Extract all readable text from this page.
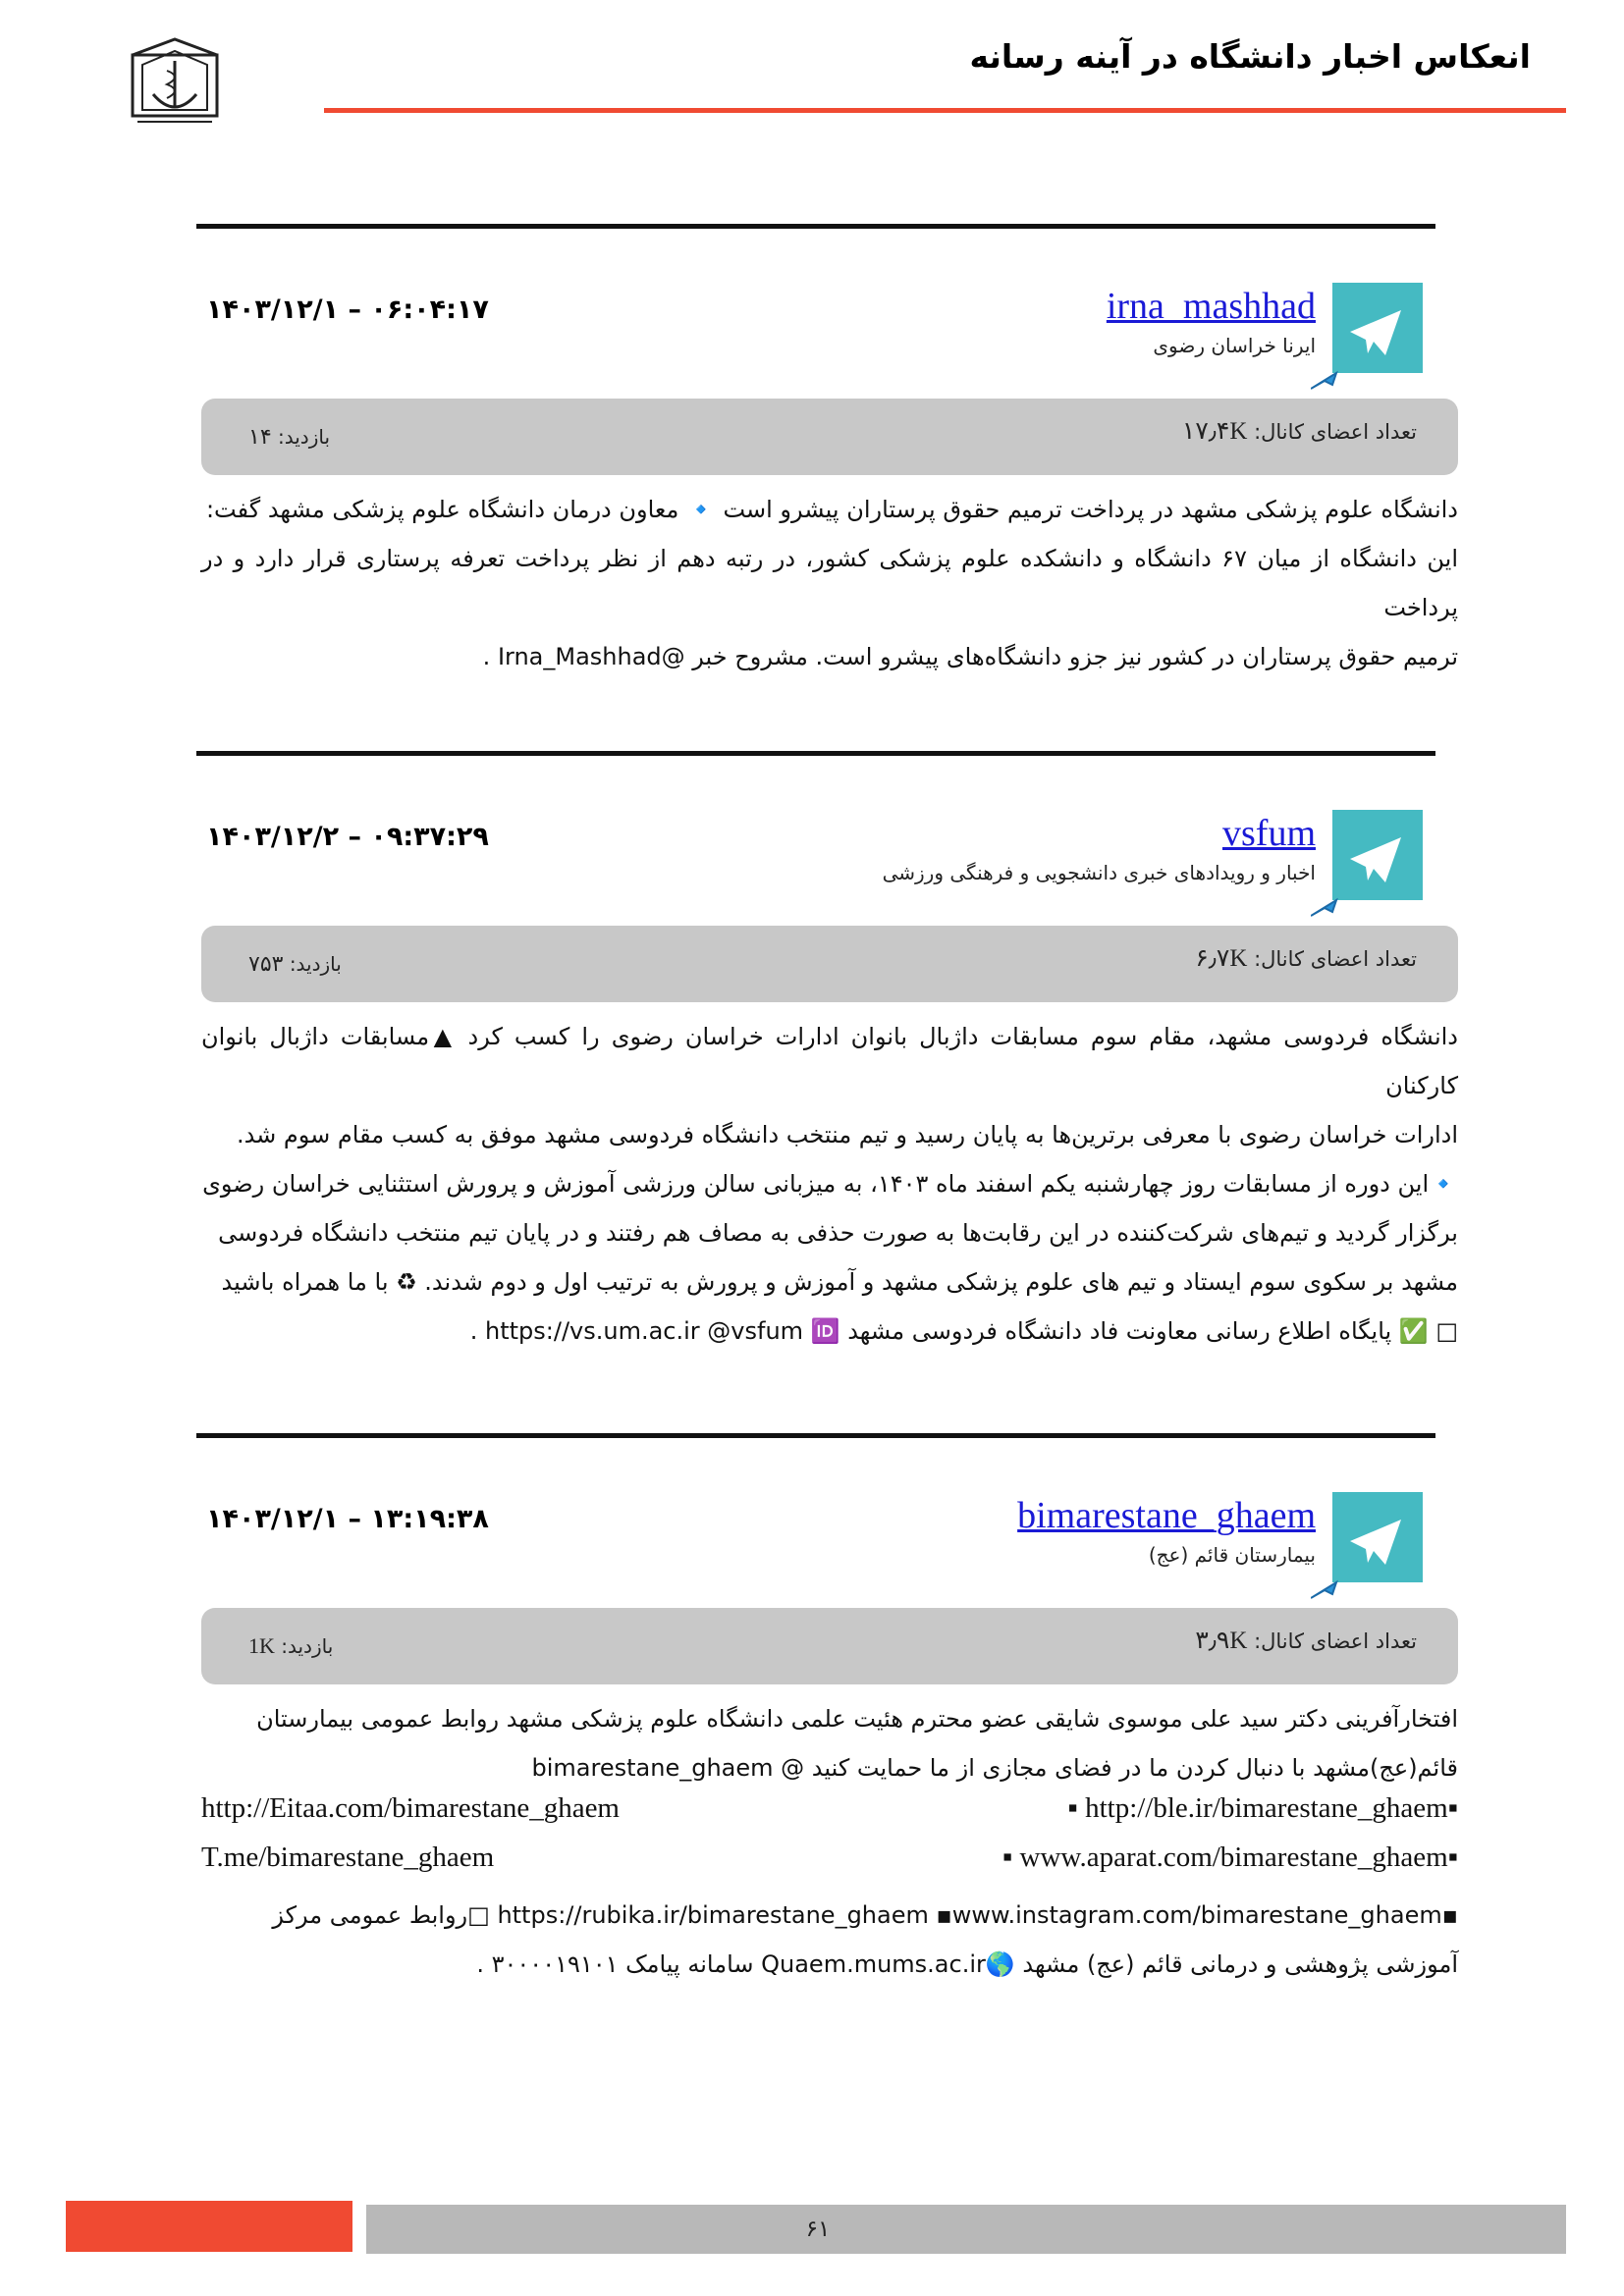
انعکاس اخبار دانشگاه در آینه رسانه
irna_mashhad
ایرنا خراسان رضوی
۰۶:۰۴:۱۷ – ۱۴۰۳/۱۲/۱
تعداد اعضای کانال: ۱۷٫۴K
بازدید: ۱۴

دانشگاه علوم پزشکی مشهد در پرداخت ترمیم حقوق پرستاران پیشرو است 🔹 معاون درمان دانشگاه علوم پزشکی مشهد گفت:

این دانشگاه از میان ۶۷ دانشگاه و دانشکده علوم پزشکی کشور، در رتبه دهم از نظر پرداخت تعرفه پرستاری قرار دارد و در پرداخت

ترمیم حقوق پرستاران در کشور نیز جزو دانشگاه‌های پیشرو است. مشروح خبر @Irna_Mashhad .

vsfum
اخبار و رویدادهای خبری دانشجویی و فرهنگی ورزشی
۰۹:۳۷:۲۹ – ۱۴۰۳/۱۲/۲
تعداد اعضای کانال: ۶٫۷K
بازدید: ۷۵۳

دانشگاه فردوسی مشهد، مقام سوم مسابقات داژبال بانوان ادارات خراسان رضوی را کسب کرد ▲مسابقات داژبال بانوان کارکنان

ادارات خراسان رضوی با معرفی برترین‌ها به پایان رسید و تیم منتخب دانشگاه فردوسی مشهد موفق به کسب مقام سوم شد.

🔹این دوره از مسابقات روز چهارشنبه یکم اسفند ماه ۱۴۰۳، به میزبانی سالن ورزشی آموزش و پرورش استثنایی خراسان رضوی

برگزار گردید و تیم‌های شرکت‌کننده در این رقابت‌ها به صورت حذفی به مصاف هم رفتند و در پایان تیم منتخب دانشگاه فردوسی

مشهد بر سکوی سوم ایستاد و تیم های علوم پزشکی مشهد و آموزش و پرورش به ترتیب اول و دوم شدند. ♻ با ما همراه باشید

□ ✅ پایگاه اطلاع رسانی معاونت فاد دانشگاه فردوسی مشهد https://vs.um.ac.ir @vsfum 🆔 .

bimarestane_ghaem
بیمارستان قائم (عج)
۱۳:۱۹:۳۸ – ۱۴۰۳/۱۲/۱
تعداد اعضای کانال: ۳٫۹K
بازدید: 1K

افتخارآفرینی دکتر سید علی موسوی شایقی عضو محترم هئیت علمی دانشگاه علوم پزشکی مشهد روابط عمومی بیمارستان

قائم(عج)مشهد با دنبال کردن ما در فضای مجازی از ما حمایت کنید @ bimarestane_ghaem

▪http://ble.ir/bimarestane_ghaem ▪
http://Eitaa.com/bimarestane_ghaem
▪www.aparat.com/bimarestane_ghaem ▪
T.me/bimarestane_ghaem

▪https://rubika.ir/bimarestane_ghaem ▪www.instagram.com/bimarestane_ghaem □روابط عمومی مرکز

آموزشی پژوهشی و درمانی قائم (عج) مشهد 🌎Quaem.mums.ac.ir سامانه پیامک ۳۰۰۰۰۱۹۱۰۱ .

۶۱
